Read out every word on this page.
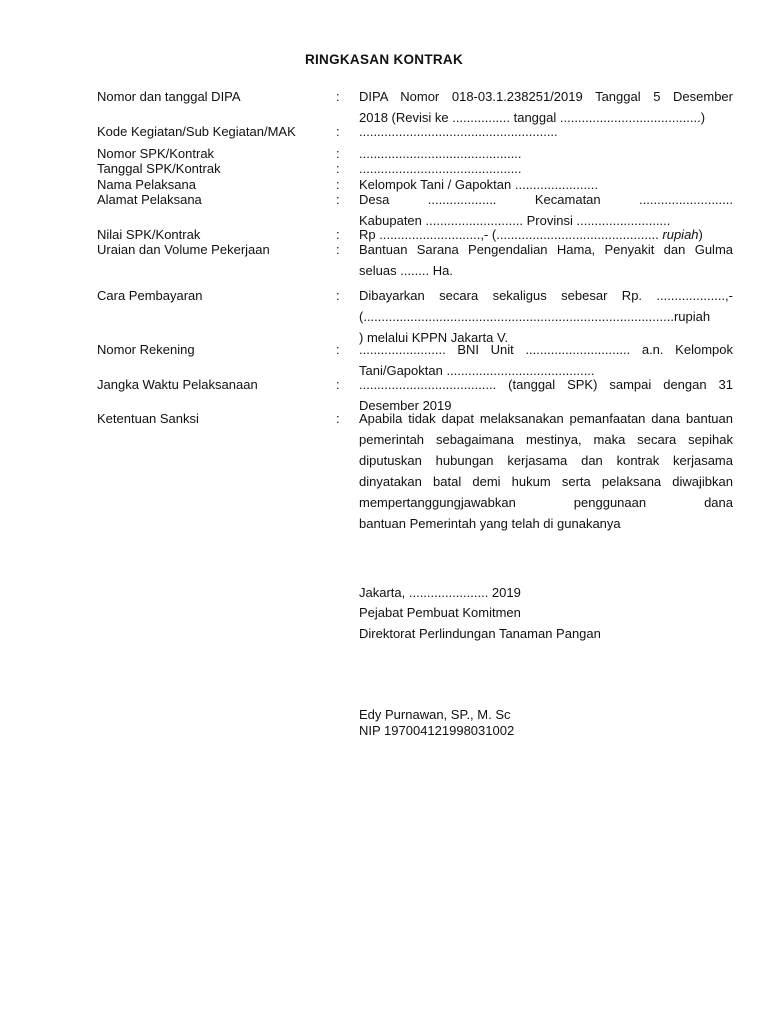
RINGKASAN KONTRAK
Nomor dan tanggal DIPA	: DIPA Nomor 018-03.1.238251/2019 Tanggal 5 Desember
2018 (Revisi ke ................ tanggal .......................................)
Kode Kegiatan/Sub Kegiatan/MAK	: .......................................................
Nomor SPK/Kontrak	: .............................................
Tanggal SPK/Kontrak	: .............................................
Nama Pelaksana	: Kelompok Tani / Gapoktan .......................
Alamat Pelaksana	: Desa ................... Kecamatan ..........................
Kabupaten ........................... Provinsi ..........................
Nilai SPK/Kontrak	: Rp ............................,- (............................................. rupiah)
Uraian dan Volume Pekerjaan	: Bantuan Sarana Pengendalian Hama, Penyakit dan Gulma
seluas ........ Ha.
Cara Pembayaran	: Dibayarkan secara sekaligus sebesar Rp. ...................,- (......................................................................................rupiah
) melalui KPPN Jakarta V.
Nomor Rekening	: ........................ BNI Unit ............................. a.n. Kelompok
Tani/Gapoktan .........................................
Jangka Waktu Pelaksanaan	: ...................................... (tanggal SPK) sampai dengan 31
Desember 2019
Ketentuan Sanksi	: Apabila tidak dapat melaksanakan pemanfaatan dana bantuan pemerintah sebagaimana mestinya, maka secara sepihak diputuskan hubungan kerjasama dan kontrak kerjasama dinyatakan batal demi hukum serta pelaksana diwajibkan mempertanggungjawabkan penggunaan dana
bantuan Pemerintah yang telah di gunakanya
Jakarta, ...................... 2019
Pejabat Pembuat Komitmen
Direktorat Perlindungan Tanaman Pangan
Edy Purnawan, SP., M. Sc
NIP 197004121998031002
